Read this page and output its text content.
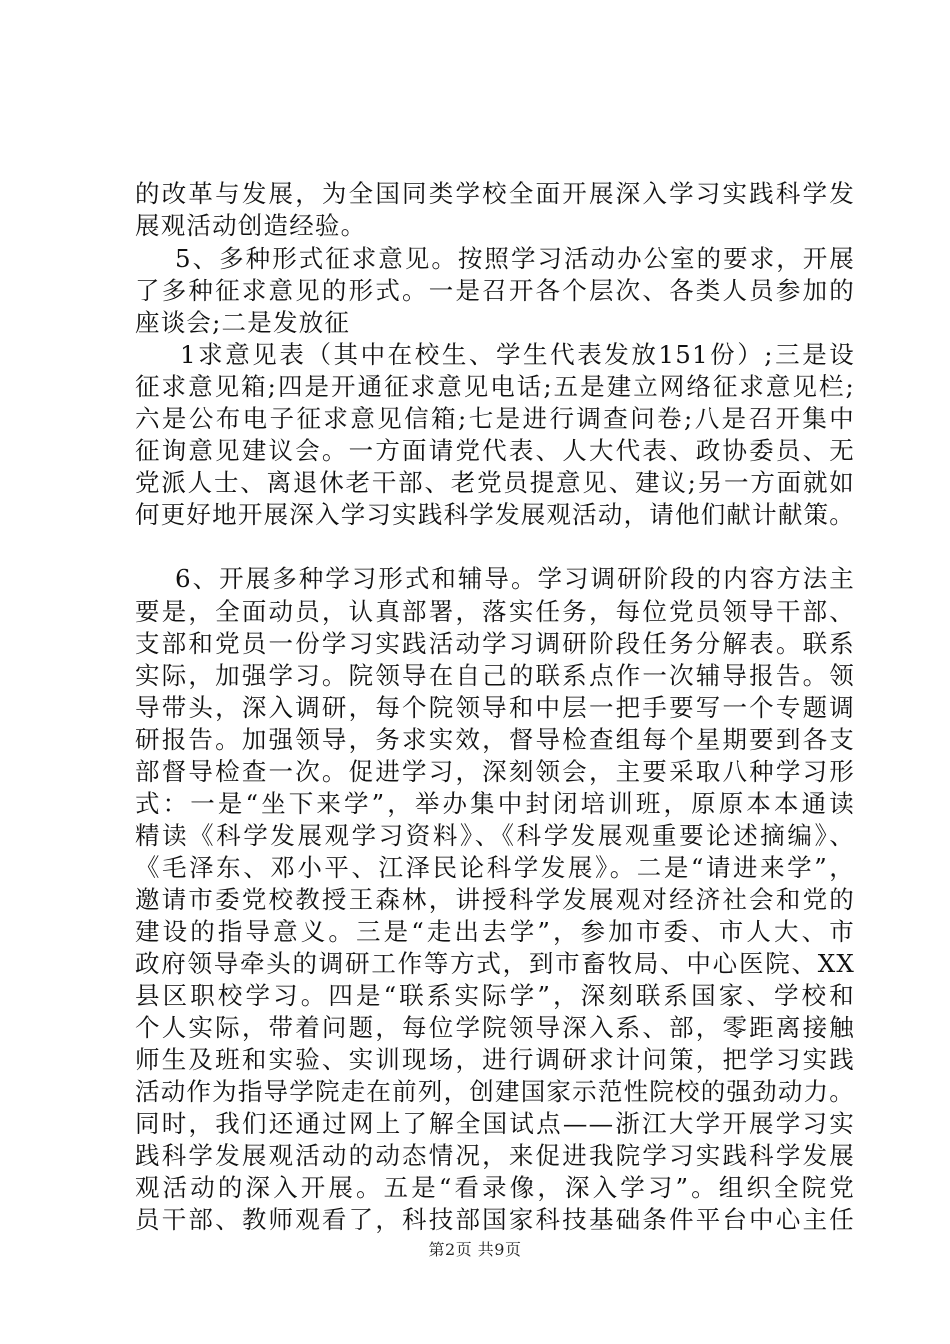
的改革与发展，为全国同类学校全面开展深入学习实践科学发
展观活动创造经验。
5、多种形式征求意见。按照学习活动办公室的要求，开展
了多种征求意见的形式。一是召开各个层次、各类人员参加的
座谈会;二是发放征
1求意见表（其中在校生、学生代表发放151份）;三是设
征求意见箱;四是开通征求意见电话;五是建立网络征求意见栏;
六是公布电子征求意见信箱;七是进行调查问卷;八是召开集中
征询意见建议会。一方面请党代表、人大代表、政协委员、无
党派人士、离退休老干部、老党员提意见、建议;另一方面就如
何更好地开展深入学习实践科学发展观活动，请他们献计献策。
6、开展多种学习形式和辅导。学习调研阶段的内容方法主
要是，全面动员，认真部署，落实任务，每位党员领导干部、
支部和党员一份学习实践活动学习调研阶段任务分解表。联系
实际，加强学习。院领导在自己的联系点作一次辅导报告。领
导带头，深入调研，每个院领导和中层一把手要写一个专题调
研报告。加强领导，务求实效，督导检查组每个星期要到各支
部督导检查一次。促进学习，深刻领会，主要采取八种学习形
式：一是“坐下来学”，举办集中封闭培训班，原原本本通读
精读《科学发展观学习资料》、《科学发展观重要论述摘编》、
《毛泽东、邓小平、江泽民论科学发展》。二是“请进来学”，
邀请市委党校教授王森林，讲授科学发展观对经济社会和党的
建设的指导意义。三是“走出去学”，参加市委、市人大、市
政府领导牵头的调研工作等方式，到市畜牧局、中心医院、XX
县区职校学习。四是“联系实际学”，深刻联系国家、学校和
个人实际，带着问题，每位学院领导深入系、部，零距离接触
师生及班和实验、实训现场，进行调研求计问策，把学习实践
活动作为指导学院走在前列，创建国家示范性院校的强劲动力。
同时，我们还通过网上了解全国试点——浙江大学开展学习实
践科学发展观活动的动态情况，来促进我院学习实践科学发展
观活动的深入开展。五是“看录像，深入学习”。组织全院党
员干部、教师观看了，科技部国家科技基础条件平台中心主任
第2页 共9页
